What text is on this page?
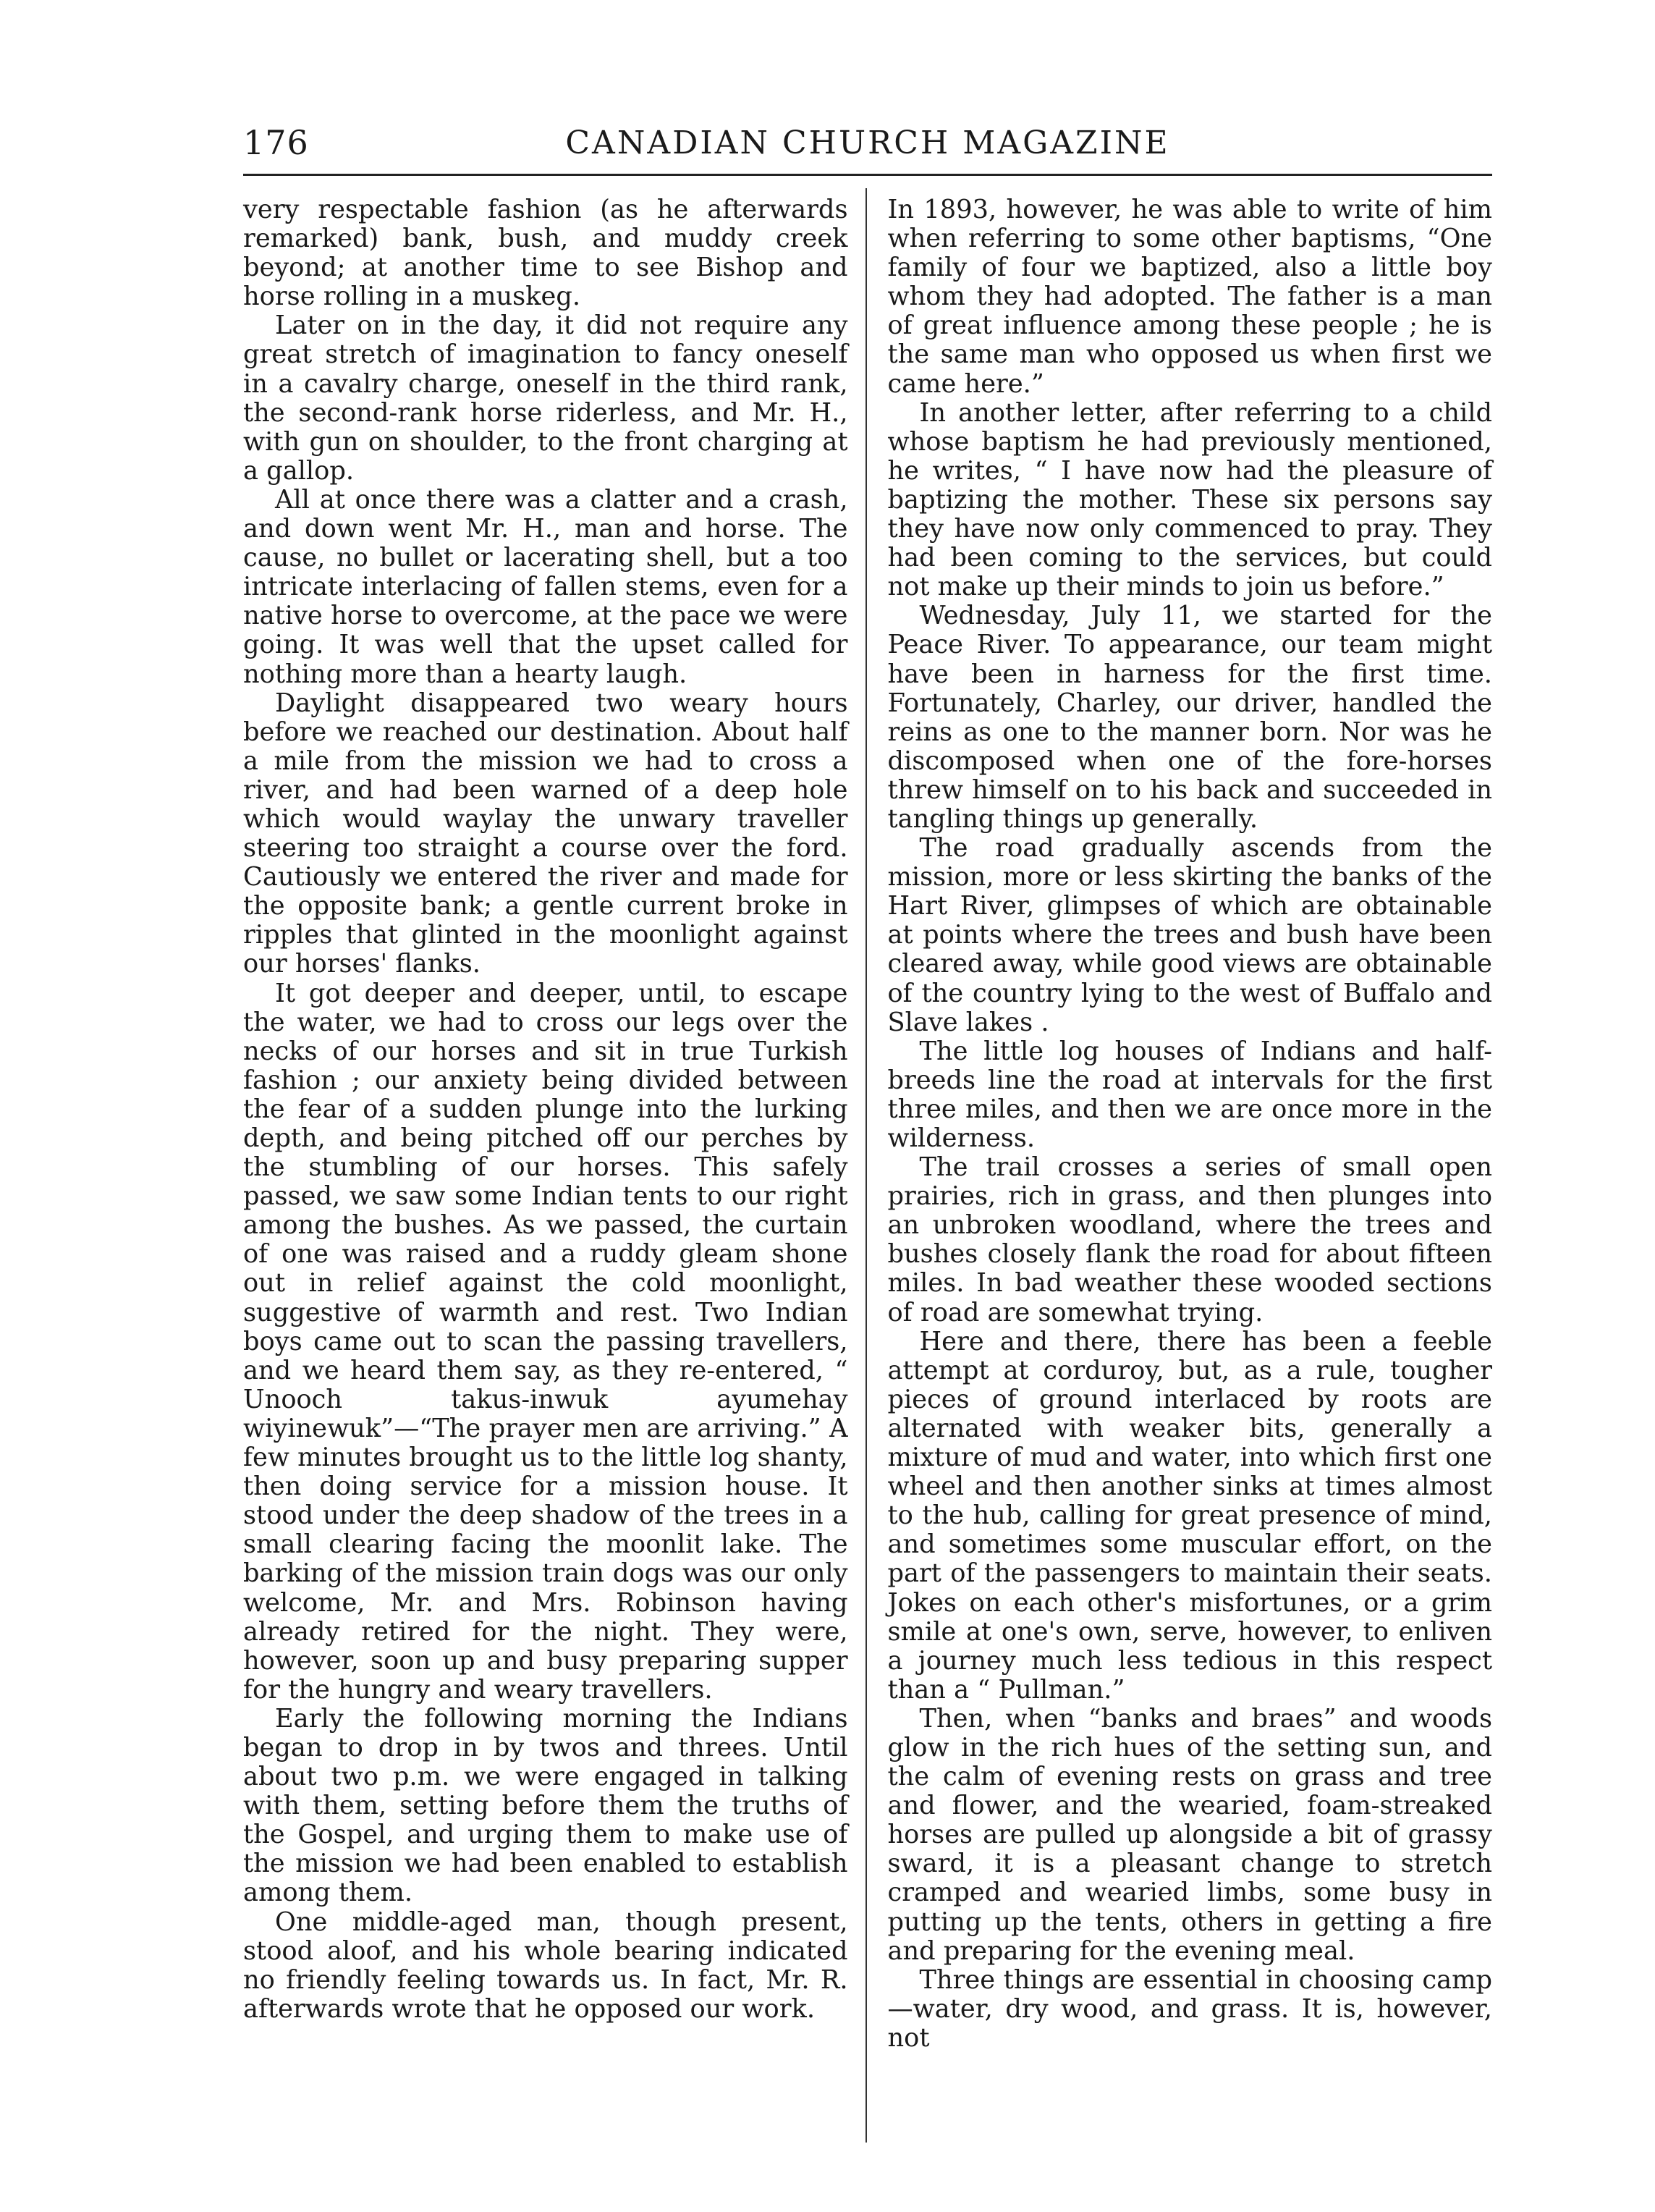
176	CANADIAN CHURCH MAGAZINE

very respectable fashion (as he afterwards remarked) bank, bush, and muddy creek beyond; at another time to see Bishop and horse rolling in a muskeg.

Later on in the day, it did not require any great stretch of imagination to fancy oneself in a cavalry charge, oneself in the third rank, the second-rank horse riderless, and Mr. H., with gun on shoulder, to the front charging at a gallop.

All at once there was a clatter and a crash, and down went Mr. H., man and horse. The cause, no bullet or lacerating shell, but a too intricate interlacing of fallen stems, even for a native horse to overcome, at the pace we were going. It was well that the upset called for nothing more than a hearty laugh.

Daylight disappeared two weary hours before we reached our destination. About half a mile from the mission we had to cross a river, and had been warned of a deep hole which would waylay the unwary traveller steering too straight a course over the ford. Cautiously we entered the river and made for the opposite bank; a gentle current broke in ripples that glinted in the moonlight against our horses' flanks.

It got deeper and deeper, until, to escape the water, we had to cross our legs over the necks of our horses and sit in true Turkish fashion ; our anxiety being divided between the fear of a sudden plunge into the lurking depth, and being pitched off our perches by the stumbling of our horses. This safely passed, we saw some Indian tents to our right among the bushes. As we passed, the curtain of one was raised and a ruddy gleam shone out in relief against the cold moonlight, suggestive of warmth and rest. Two Indian boys came out to scan the passing travellers, and we heard them say, as they re-entered, “ Unooch takus-inwuk ayumehay wiyinewuk”—“The prayer men are arriving.” A few minutes brought us to the little log shanty, then doing service for a mission house. It stood under the deep shadow of the trees in a small clearing facing the moonlit lake. The barking of the mission train dogs was our only welcome, Mr. and Mrs. Robinson having already retired for the night. They were, however, soon up and busy preparing supper for the hungry and weary travellers.

Early the following morning the Indians began to drop in by twos and threes. Until about two p.m. we were engaged in talking with them, setting before them the truths of the Gospel, and urging them to make use of the mission we had been enabled to establish among them.

One middle-aged man, though present, stood aloof, and his whole bearing indicated no friendly feeling towards us. In fact, Mr. R. afterwards wrote that he opposed our work.

In 1893, however, he was able to write of him when referring to some other baptisms, “One family of four we baptized, also a little boy whom they had adopted. The father is a man of great influence among these people ; he is the same man who opposed us when first we came here.”

In another letter, after referring to a child whose baptism he had previously mentioned, he writes, “ I have now had the pleasure of baptizing the mother. These six persons say they have now only commenced to pray. They had been coming to the services, but could not make up their minds to join us before.”

Wednesday, July 11, we started for the Peace River. To appearance, our team might have been in harness for the first time. Fortunately, Charley, our driver, handled the reins as one to the manner born. Nor was he discomposed when one of the fore-horses threw himself on to his back and succeeded in tangling things up generally.

The road gradually ascends from the mission, more or less skirting the banks of the Hart River, glimpses of which are obtainable at points where the trees and bush have been cleared away, while good views are obtainable of the country lying to the west of Buffalo and Slave lakes .

The little log houses of Indians and half-breeds line the road at intervals for the first three miles, and then we are once more in the wilderness.

The trail crosses a series of small open prairies, rich in grass, and then plunges into an unbroken woodland, where the trees and bushes closely flank the road for about fifteen miles. In bad weather these wooded sections of road are somewhat trying.

Here and there, there has been a feeble attempt at corduroy, but, as a rule, tougher pieces of ground interlaced by roots are alternated with weaker bits, generally a mixture of mud and water, into which first one wheel and then another sinks at times almost to the hub, calling for great presence of mind, and sometimes some muscular effort, on the part of the passengers to maintain their seats. Jokes on each other's misfortunes, or a grim smile at one's own, serve, however, to enliven a journey much less tedious in this respect than a “ Pullman.”

Then, when “banks and braes” and woods glow in the rich hues of the setting sun, and the calm of evening rests on grass and tree and flower, and the wearied, foam-streaked horses are pulled up alongside a bit of grassy sward, it is a pleasant change to stretch cramped and wearied limbs, some busy in putting up the tents, others in getting a fire and preparing for the evening meal.

Three things are essential in choosing camp—water, dry wood, and grass. It is, however, not
